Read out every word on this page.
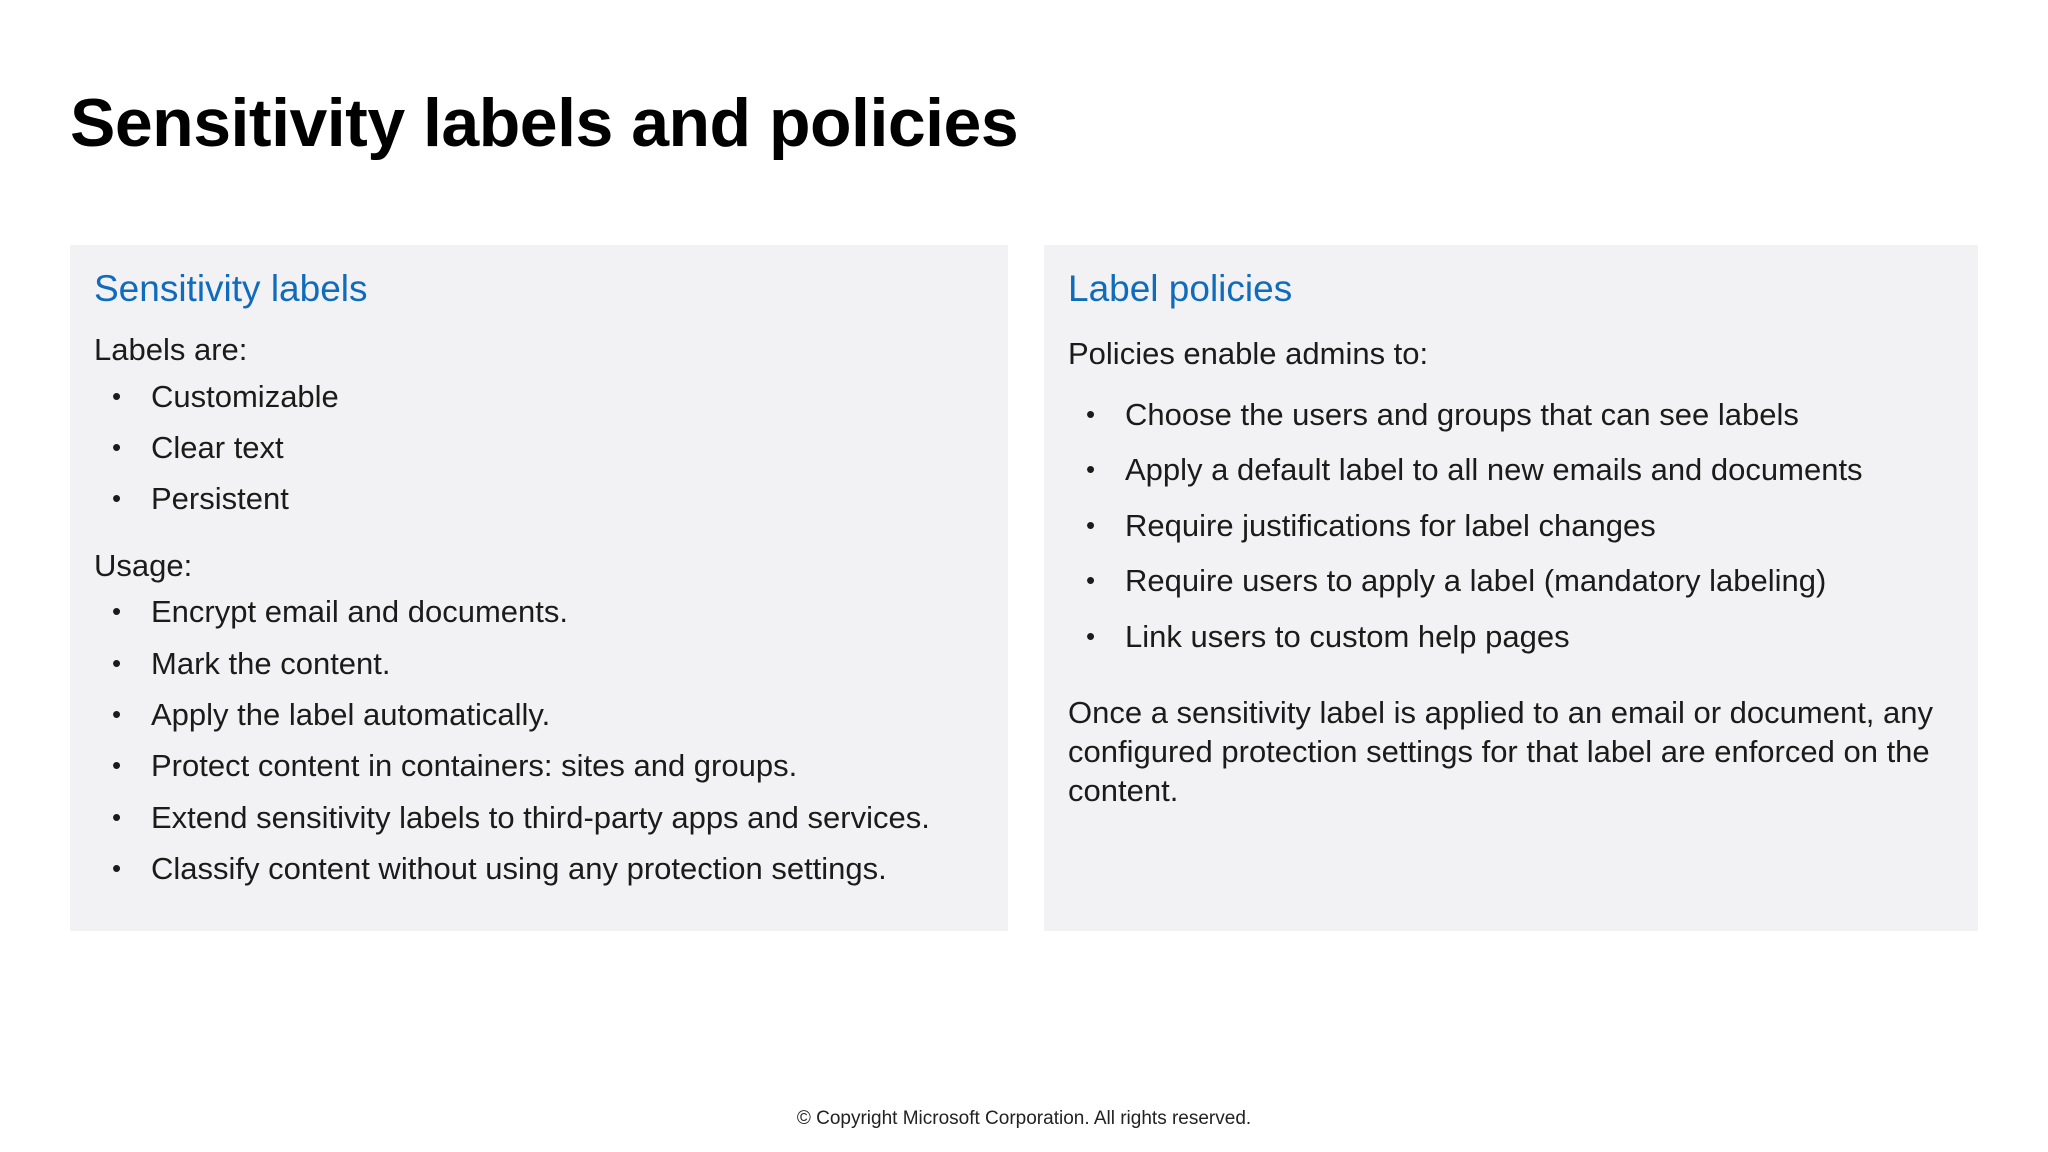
Sensitivity labels and policies
Sensitivity labels
Labels are:
• Customizable
• Clear text
• Persistent
Usage:
• Encrypt email and documents.
• Mark the content.
• Apply the label automatically.
• Protect content in containers: sites and groups.
• Extend sensitivity labels to third-party apps and services.
• Classify content without using any protection settings.
Label policies
Policies enable admins to:
• Choose the users and groups that can see labels
• Apply a default label to all new emails and documents
• Require justifications for label changes
• Require users to apply a label (mandatory labeling)
• Link users to custom help pages

Once a sensitivity label is applied to an email or document, any configured protection settings for that label are enforced on the content.

© Copyright Microsoft Corporation. All rights reserved.
